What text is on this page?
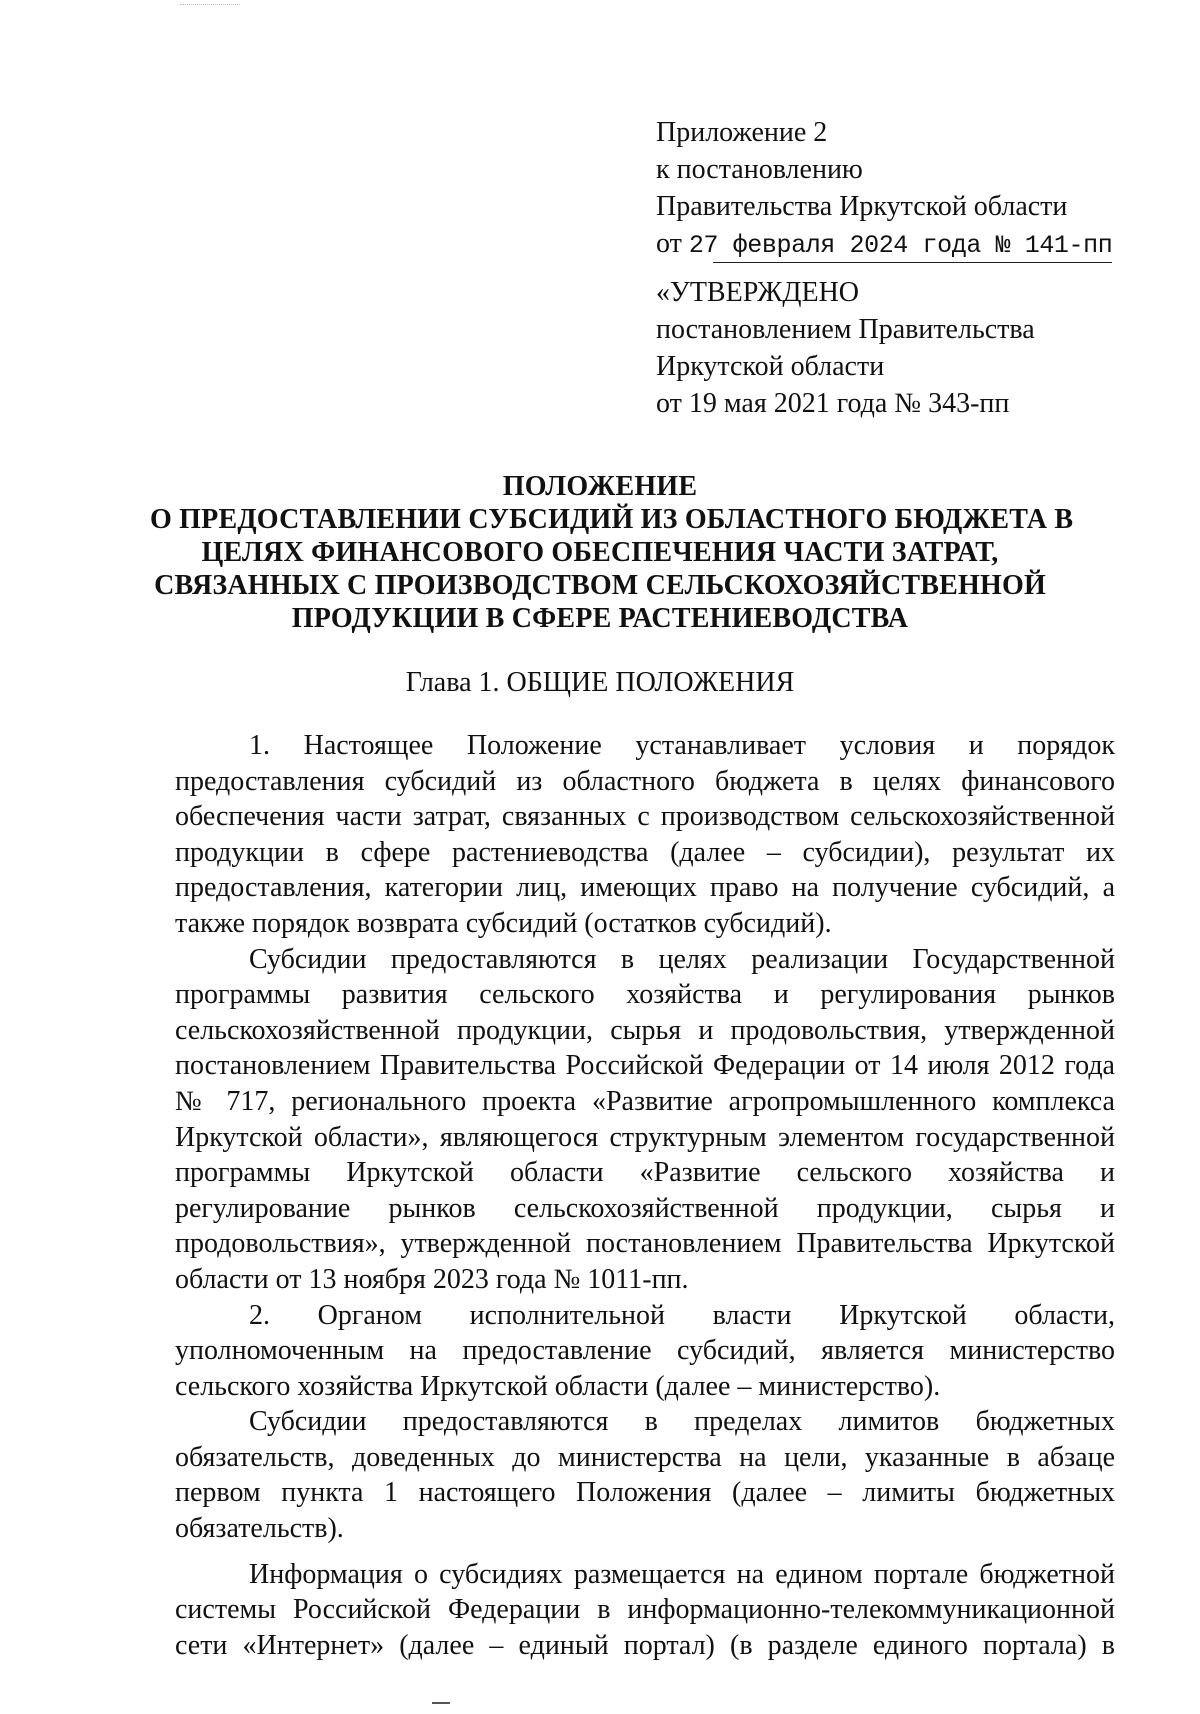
Приложение 2
к постановлению
Правительства Иркутской области
от 27 февраля 2024 года № 141-пп
«УТВЕРЖДЕНО
постановлением Правительства
Иркутской области
от 19 мая 2021 года № 343-пп
ПОЛОЖЕНИЕ
О ПРЕДОСТАВЛЕНИИ СУБСИДИЙ ИЗ ОБЛАСТНОГО БЮДЖЕТА В
ЦЕЛЯХ ФИНАНСОВОГО ОБЕСПЕЧЕНИЯ ЧАСТИ ЗАТРАТ,
СВЯЗАННЫХ С ПРОИЗВОДСТВОМ СЕЛЬСКОХОЗЯЙСТВЕННОЙ
ПРОДУКЦИИ В СФЕРЕ РАСТЕНИЕВОДСТВА
Глава 1. ОБЩИЕ ПОЛОЖЕНИЯ
1. Настоящее Положение устанавливает условия и порядок
предоставления субсидий из областного бюджета в целях финансового
обеспечения части затрат, связанных с производством сельскохозяйственной
продукции в сфере растениеводства (далее – субсидии), результат их
предоставления, категории лиц, имеющих право на получение субсидий, а
также порядок возврата субсидий (остатков субсидий).
Субсидии предоставляются в целях реализации Государственной
программы развития сельского хозяйства и регулирования рынков
сельскохозяйственной продукции, сырья и продовольствия, утвержденной
постановлением Правительства Российской Федерации от 14 июля 2012 года
№ 717, регионального проекта «Развитие агропромышленного комплекса
Иркутской области», являющегося структурным элементом государственной
программы Иркутской области «Развитие сельского хозяйства и
регулирование рынков сельскохозяйственной продукции, сырья и
продовольствия», утвержденной постановлением Правительства Иркутской
области от 13 ноября 2023 года № 1011-пп.
2. Органом исполнительной власти Иркутской области,
уполномоченным на предоставление субсидий, является министерство
сельского хозяйства Иркутской области (далее – министерство).
Субсидии предоставляются в пределах лимитов бюджетных
обязательств, доведенных до министерства на цели, указанные в абзаце
первом пункта 1 настоящего Положения (далее – лимиты бюджетных
обязательств).
Информация о субсидиях размещается на едином портале бюджетной
системы Российской Федерации в информационно-телекоммуникационной
сети «Интернет» (далее – единый портал) (в разделе единого портала) в
